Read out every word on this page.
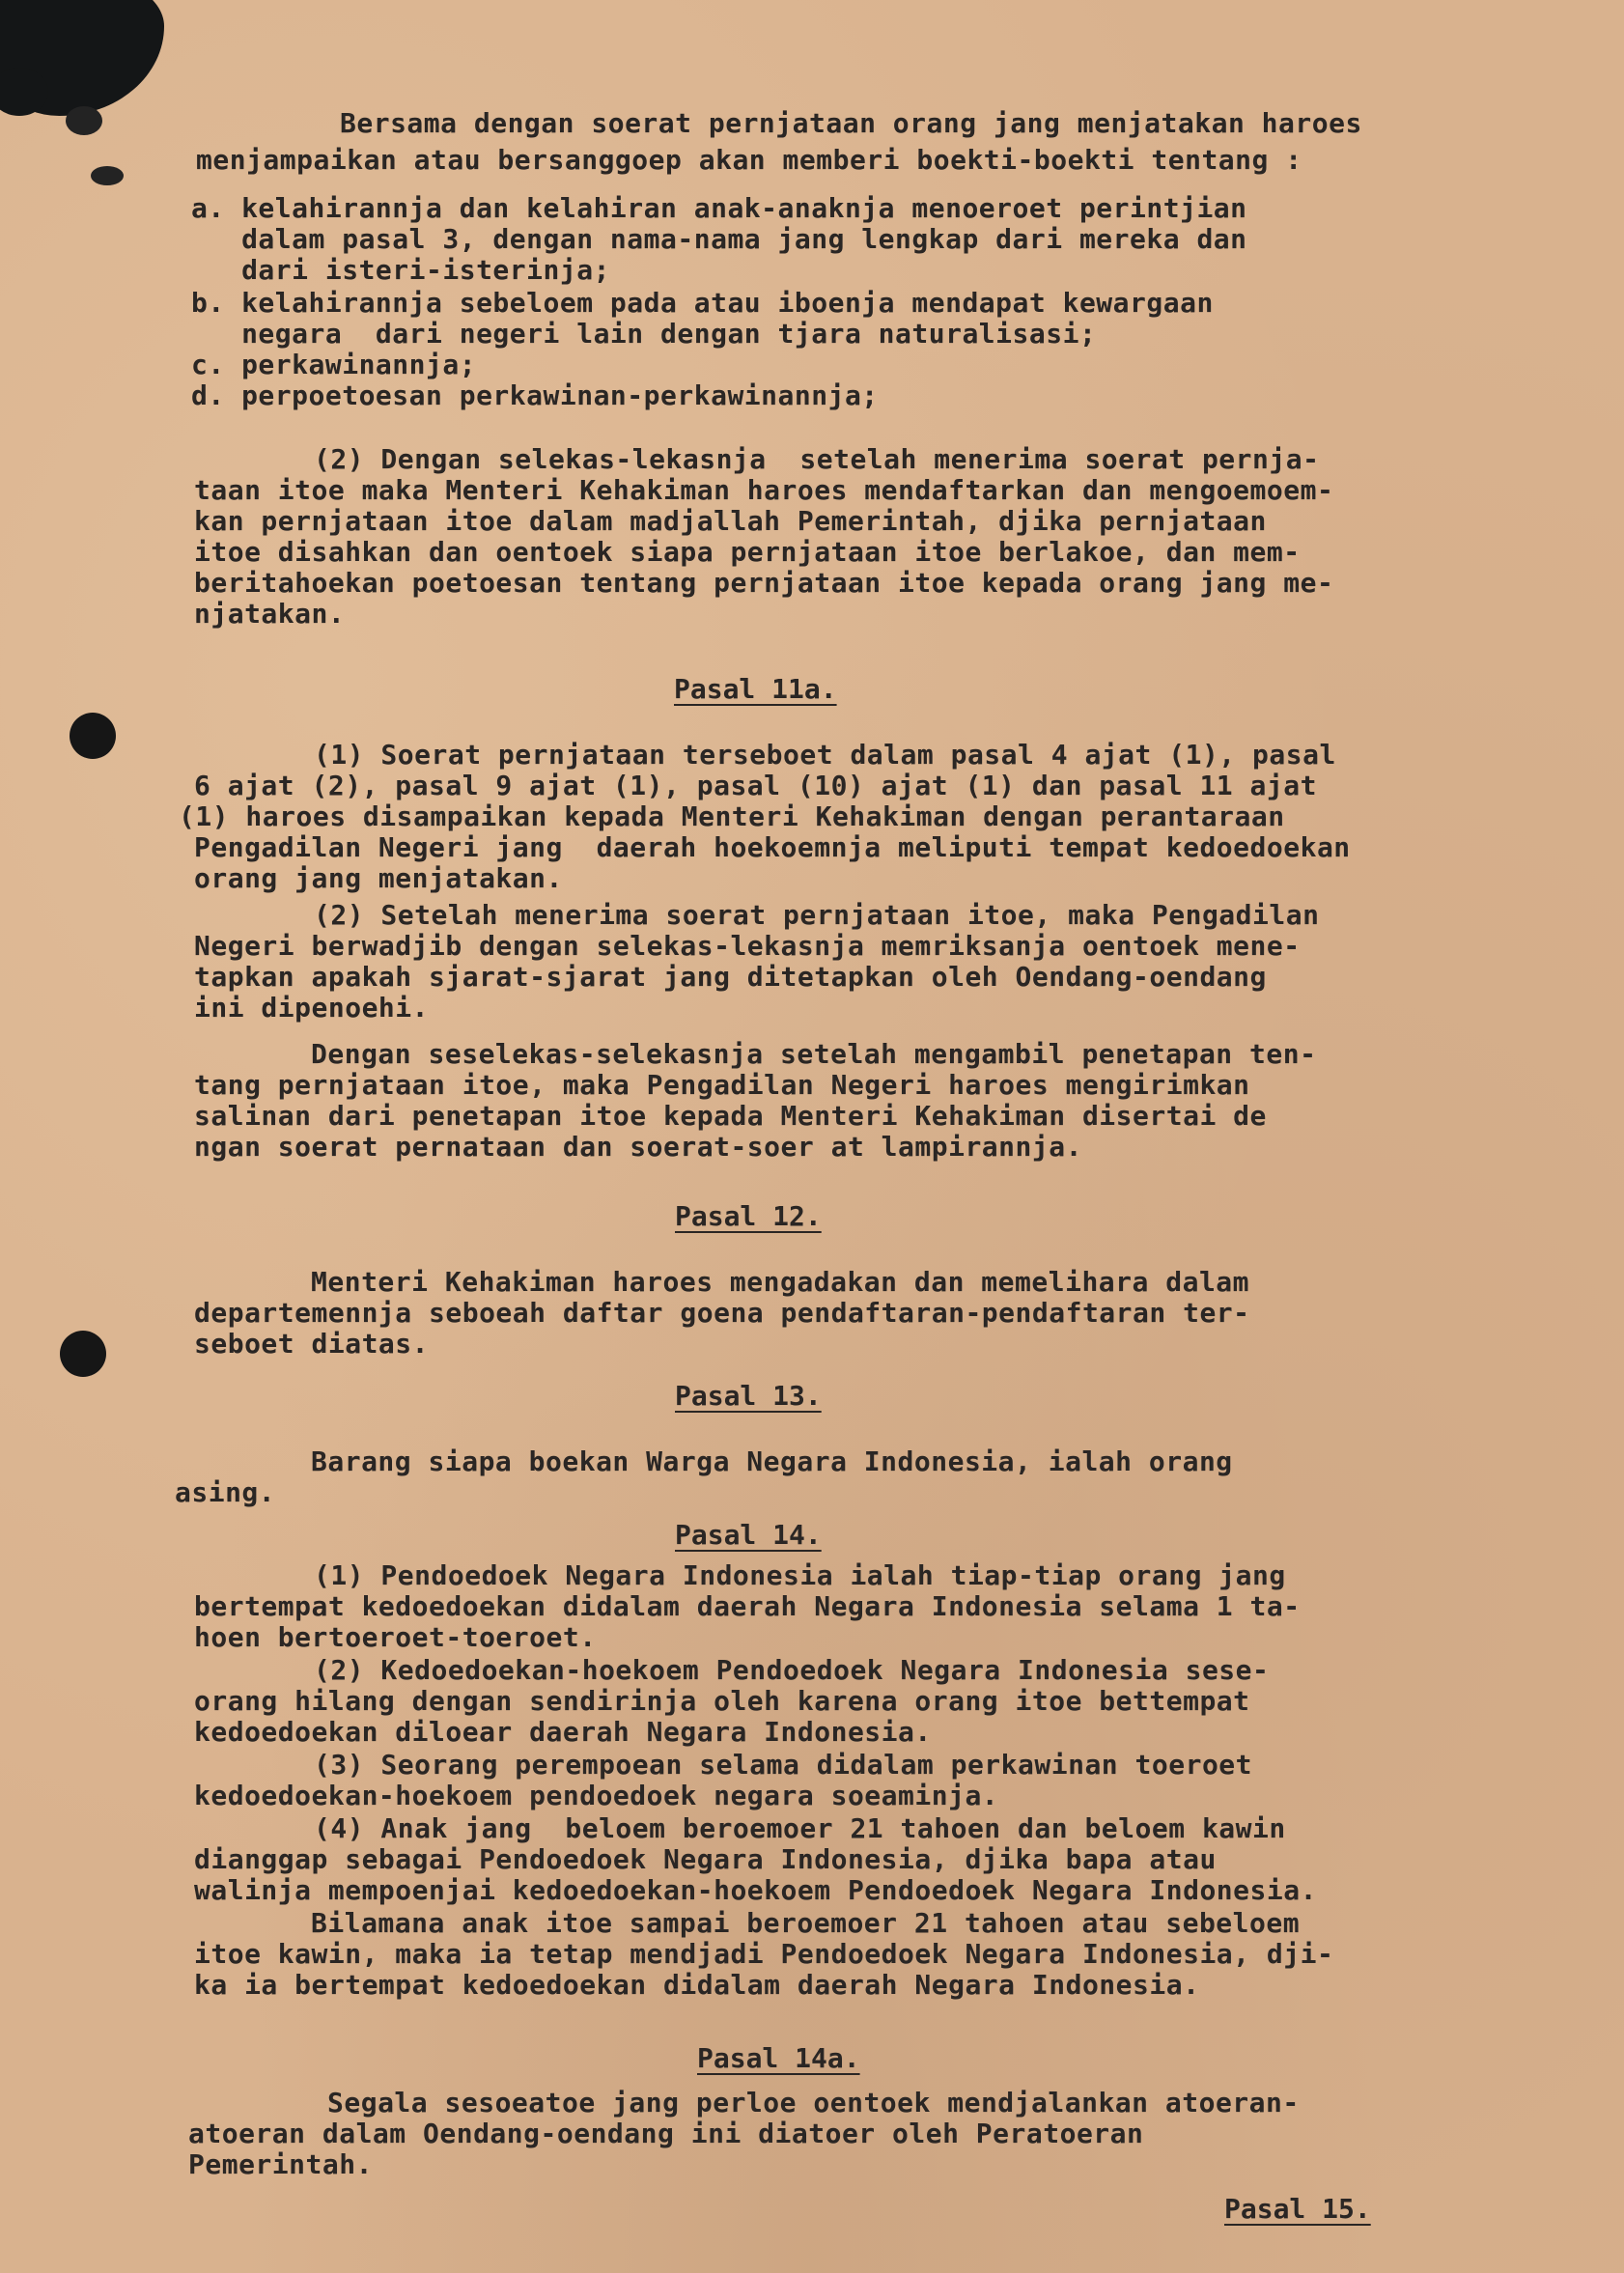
Bersama dengan soerat pernjataan orang jang menjatakan haroes
menjampaikan atau bersanggoep akan memberi boekti-boekti tentang :
a. kelahirannja dan kelahiran anak-anaknja menoeroet perintjian
dalam pasal 3, dengan nama-nama jang lengkap dari mereka dan
dari isteri-isterinja;
b. kelahirannja sebeloem pada atau iboenja mendapat kewargaan
negara  dari negeri lain dengan tjara naturalisasi;
c. perkawinannja;
d. perpoetoesan perkawinan-perkawinannja;
(2) Dengan selekas-lekasnja  setelah menerima soerat pernja-
taan itoe maka Menteri Kehakiman haroes mendaftarkan dan mengoemoem-
kan pernjataan itoe dalam madjallah Pemerintah, djika pernjataan
itoe disahkan dan oentoek siapa pernjataan itoe berlakoe, dan mem-
beritahoekan poetoesan tentang pernjataan itoe kepada orang jang me-
njatakan.
Pasal 11a.
(1) Soerat pernjataan terseboet dalam pasal 4 ajat (1), pasal
6 ajat (2), pasal 9 ajat (1), pasal (10) ajat (1) dan pasal 11 ajat
(1) haroes disampaikan kepada Menteri Kehakiman dengan perantaraan
Pengadilan Negeri jang  daerah hoekoemnja meliputi tempat kedoedoekan
orang jang menjatakan.
(2) Setelah menerima soerat pernjataan itoe, maka Pengadilan
Negeri berwadjib dengan selekas-lekasnja memriksanja oentoek mene-
tapkan apakah sjarat-sjarat jang ditetapkan oleh Oendang-oendang
ini dipenoehi.
Dengan seselekas-selekasnja setelah mengambil penetapan ten-
tang pernjataan itoe, maka Pengadilan Negeri haroes mengirimkan
salinan dari penetapan itoe kepada Menteri Kehakiman disertai de
ngan soerat pernataan dan soerat-soer at lampirannja.
Pasal 12.
Menteri Kehakiman haroes mengadakan dan memelihara dalam
departemennja seboeah daftar goena pendaftaran-pendaftaran ter-
seboet diatas.
Pasal 13.
Barang siapa boekan Warga Negara Indonesia, ialah orang
asing.
Pasal 14.
(1) Pendoedoek Negara Indonesia ialah tiap-tiap orang jang
bertempat kedoedoekan didalam daerah Negara Indonesia selama 1 ta-
hoen bertoeroet-toeroet.
(2) Kedoedoekan-hoekoem Pendoedoek Negara Indonesia sese-
orang hilang dengan sendirinja oleh karena orang itoe bettempat
kedoedoekan diloear daerah Negara Indonesia.
(3) Seorang perempoean selama didalam perkawinan toeroet
kedoedoekan-hoekoem pendoedoek negara soeaminja.
(4) Anak jang  beloem beroemoer 21 tahoen dan beloem kawin
dianggap sebagai Pendoedoek Negara Indonesia, djika bapa atau
walinja mempoenjai kedoedoekan-hoekoem Pendoedoek Negara Indonesia.
Bilamana anak itoe sampai beroemoer 21 tahoen atau sebeloem
itoe kawin, maka ia tetap mendjadi Pendoedoek Negara Indonesia, dji-
ka ia bertempat kedoedoekan didalam daerah Negara Indonesia.
Pasal 14a.
Segala sesoeatoe jang perloe oentoek mendjalankan atoeran-
atoeran dalam Oendang-oendang ini diatoer oleh Peratoeran
Pemerintah.
Pasal 15.
